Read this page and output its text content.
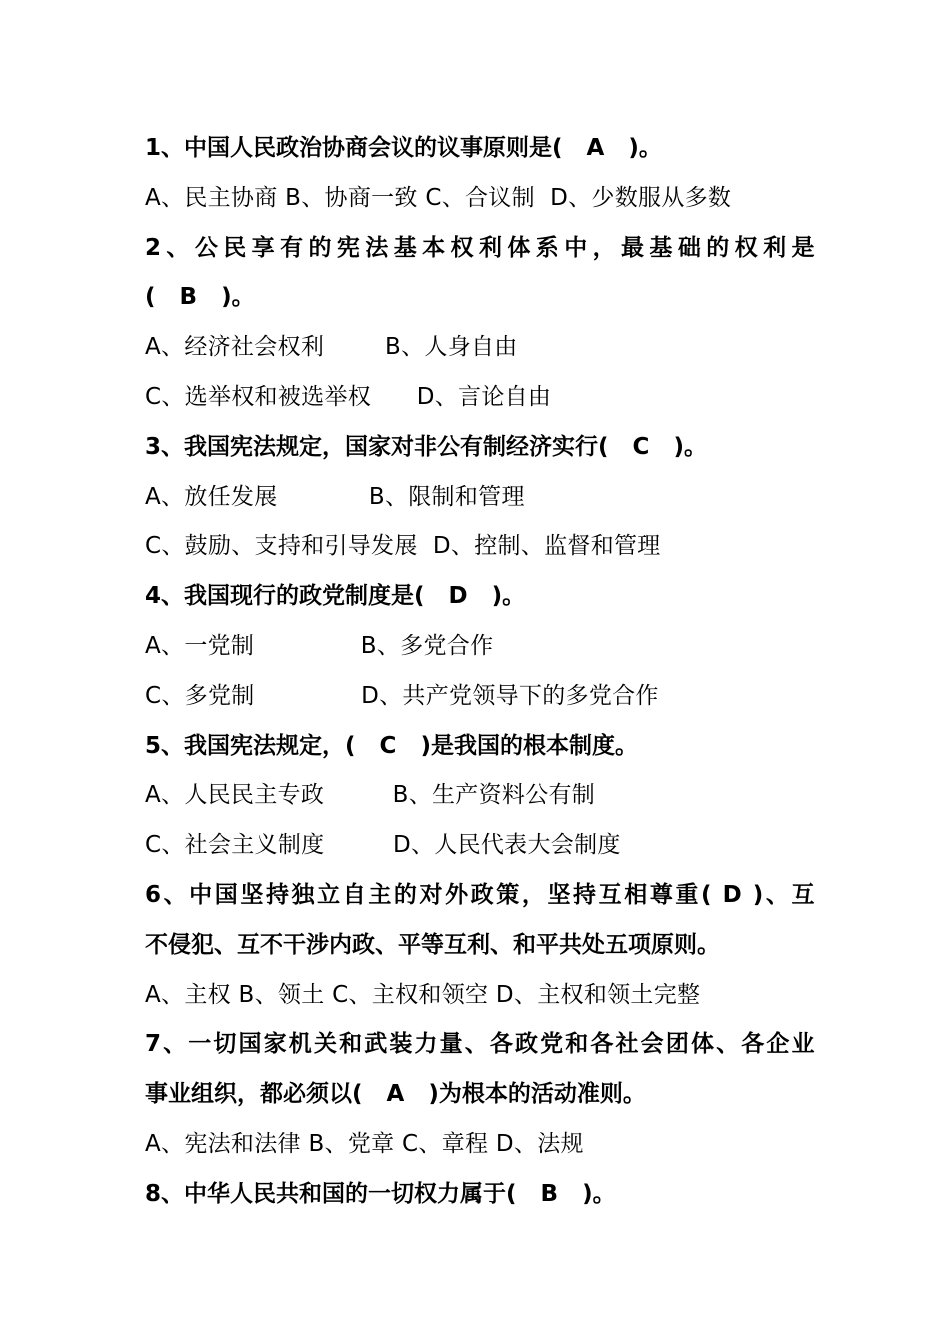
1、中国人民政治协商会议的议事原则是(   A   )。
A、民主协商 B、协商一致 C、合议制  D、少数服从多数
2、公民享有的宪法基本权利体系中，最基础的权利是
(   B   )。
A、经济社会权利        B、人身自由
C、选举权和被选举权      D、言论自由
3、我国宪法规定，国家对非公有制经济实行(   C   )。
A、放任发展            B、限制和管理
C、鼓励、支持和引导发展  D、控制、监督和管理
4、我国现行的政党制度是(   D   )。
A、一党制              B、多党合作
C、多党制              D、共产党领导下的多党合作
5、我国宪法规定，(   C   )是我国的根本制度。
A、人民民主专政         B、生产资料公有制
C、社会主义制度         D、人民代表大会制度
6、中国坚持独立自主的对外政策，坚持互相尊重( D )、互
不侵犯、互不干涉内政、平等互利、和平共处五项原则。
A、主权 B、领土 C、主权和领空 D、主权和领土完整
7、一切国家机关和武装力量、各政党和各社会团体、各企业
事业组织，都必须以(   A   )为根本的活动准则。
A、宪法和法律 B、党章 C、章程 D、法规
8、中华人民共和国的一切权力属于(   B   )。
